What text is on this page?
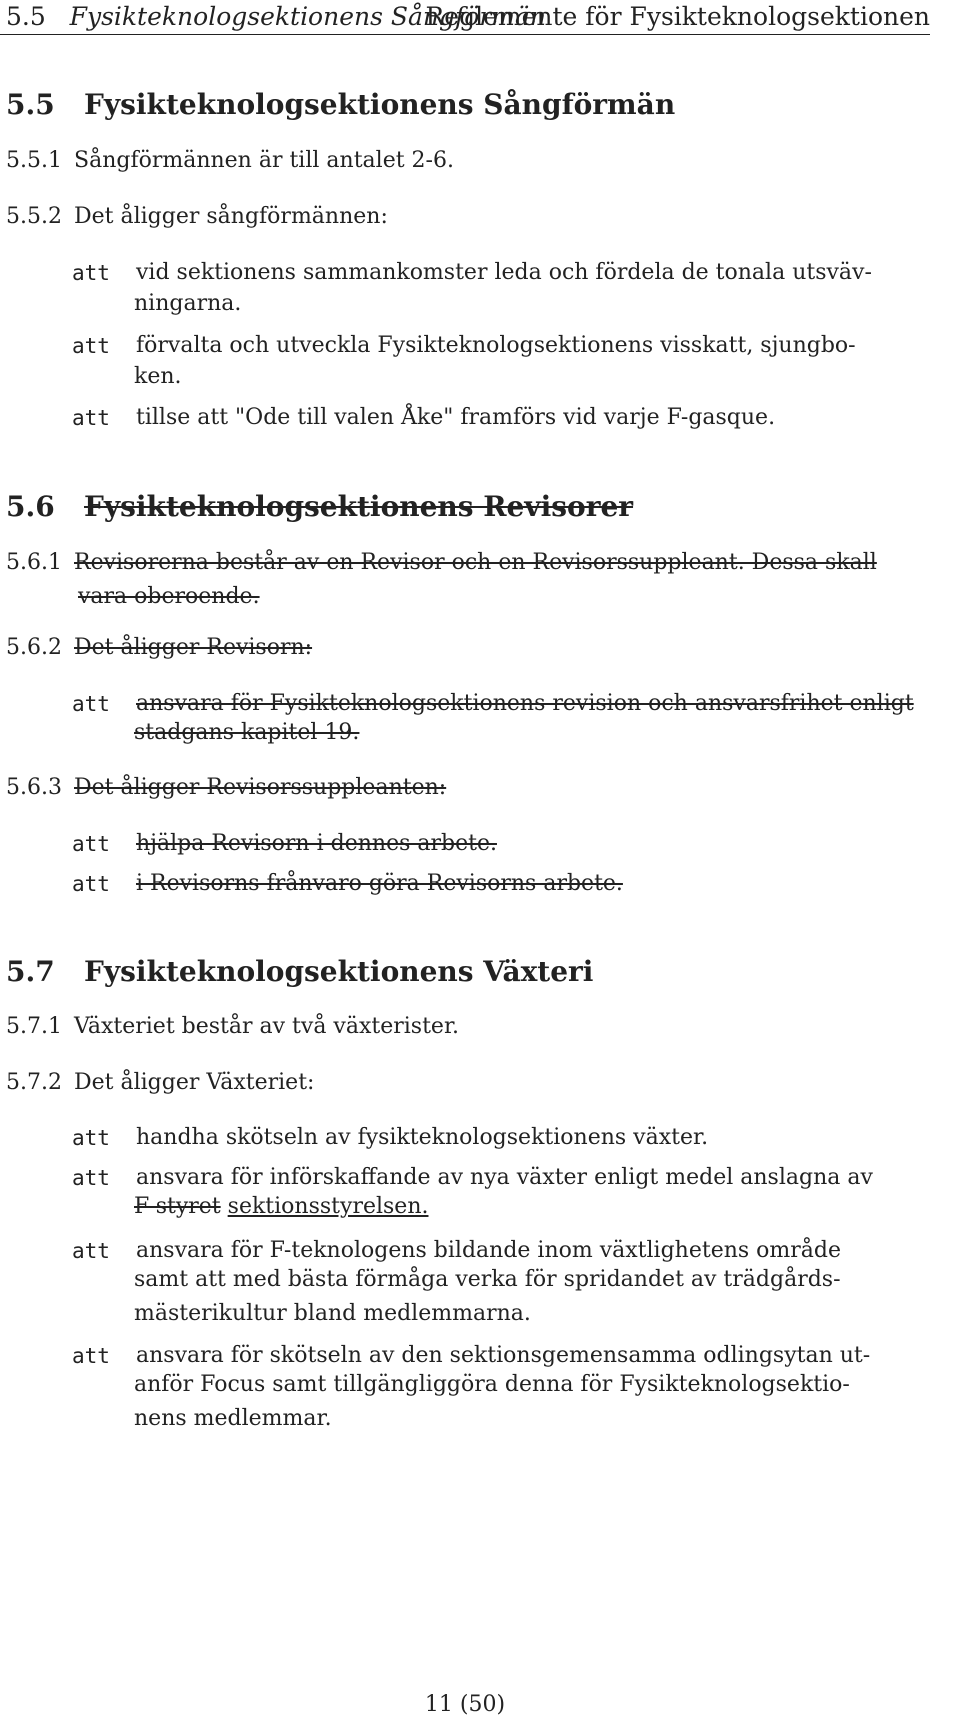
5.5 Fysikteknologsektionens Sångförmän
Reglemente för Fysikteknologsektionen
5.5 Fysikteknologsektionens Sångförmän
5.5.1 Sångförmännen är till antalet 2-6.
5.5.2 Det åligger sångförmännen:
att vid sektionens sammankomster leda och fördela de tonala utsväv-
ningarna.
att förvalta och utveckla Fysikteknologsektionens visskatt, sjungbo-
ken.
att tillse att "Ode till valen Åke" framförs vid varje F-gasque.
5.6 Fysikteknologsektionens Revisorer
5.6.1 Revisorerna består av en Revisor och en Revisorssuppleant. Dessa skall
vara oberoende.
5.6.2 Det åligger Revisorn:
att ansvara för Fysikteknologsektionens revision och ansvarsfrihet enligt
stadgans kapitel 19.
5.6.3 Det åligger Revisorssuppleanten:
att hjälpa Revisorn i dennes arbete.
att i Revisorns frånvaro göra Revisorns arbete.
5.7 Fysikteknologsektionens Växteri
5.7.1 Växteriet består av två växterister.
5.7.2 Det åligger Växteriet:
att handha skötseln av fysikteknologsektionens växter.
att ansvara för införskaffande av nya växter enligt medel anslagna av
F-styret sektionsstyrelsen.
att ansvara för F-teknologens bildande inom växtlighetens område
samt att med bästa förmåga verka för spridandet av trädgårds-
mästerikultur bland medlemmarna.
att ansvara för skötseln av den sektionsgemensamma odlingsytan ut-
anför Focus samt tillgängliggöra denna för Fysikteknologsektio-
nens medlemmar.
11 (50)
